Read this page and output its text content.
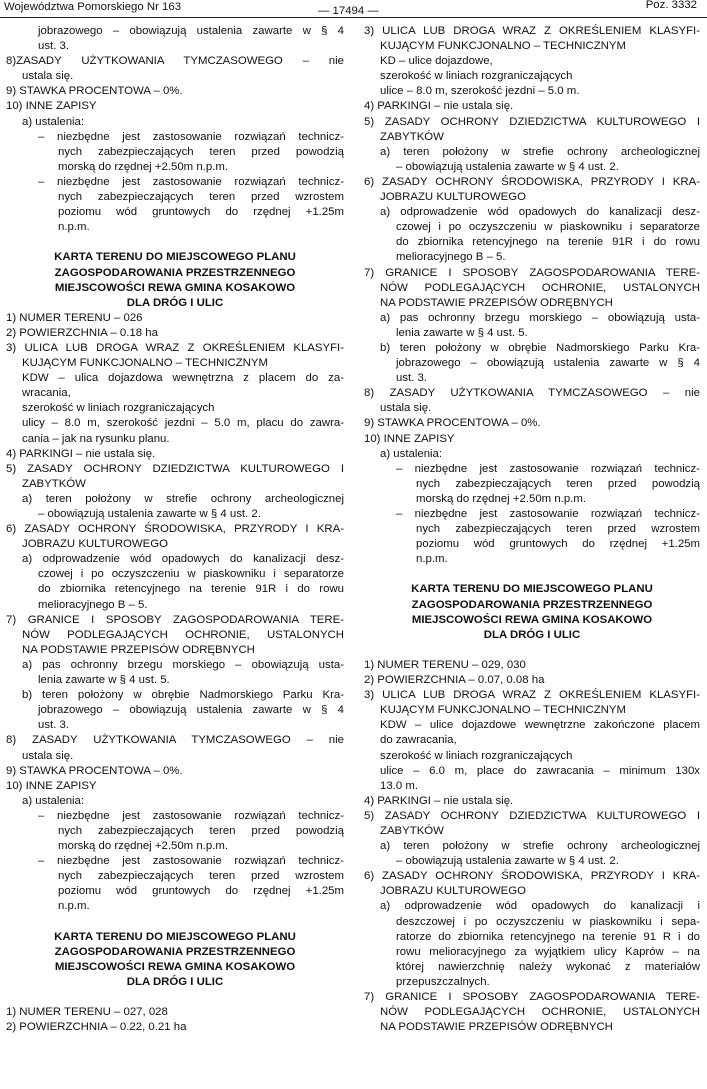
Województwa Pomorskiego Nr 163	— 17494 —	Poz. 3332
jobrazowego – obowiązują ustalenia zawarte w § 4
ust. 3.
8)ZASADY UŻYTKOWANIA TYMCZASOWEGO – nie
ustala się.
9) STAWKA PROCENTOWA – 0%.
10) INNE ZAPISY
a) ustalenia:
– niezbędne jest zastosowanie rozwiązań technicz-
nych zabezpieczających teren przed powodzią
morską do rzędnej +2.50m n.p.m.
– niezbędne jest zastosowanie rozwiązań technicz-
nych zabezpieczających teren przed wzrostem
poziomu wód gruntowych do rzędnej +1.25m
n.p.m.
KARTA TERENU DO MIEJSCOWEGO PLANU
ZAGOSPODAROWANIA PRZESTRZENNEGO
MIEJSCOWOŚCI REWA GMINA KOSAKOWO
DLA DRÓG I ULIC
1) NUMER TERENU – 026
2) POWIERZCHNIA – 0.18 ha
3) ULICA LUB DROGA WRAZ Z OKREŚLENIEM KLASYFI-
KUJĄCYM FUNKCJONALNO – TECHNICZNYM
KDW – ulica dojazdowa wewnętrzna z placem do za-
wracania,
szerokość w liniach rozgraniczających
ulicy – 8.0 m, szerokość jezdni – 5.0 m, placu do zawra-
cania – jak na rysunku planu.
4) PARKINGI – nie ustala się.
5) ZASADY OCHRONY DZIEDZICTWA KULTUROWEGO I
ZABYTKÓW
a) teren położony w strefie ochrony archeologicznej
– obowiązują ustalenia zawarte w § 4 ust. 2.
6) ZASADY OCHRONY ŚRODOWISKA, PRZYRODY I KRA-
JOBRAZU KULTUROWEGO
a) odprowadzenie wód opadowych do kanalizacji desz-
czowej i po oczyszczeniu w piaskowniku i separatorze
do zbiornika retencyjnego na terenie 91R i do rowu
melioracyjnego B – 5.
7) GRANICE I SPOSOBY ZAGOSPODAROWANIA TERE-
NÓW PODLEGAJĄCYCH OCHRONIE, USTALONYCH
NA PODSTAWIE PRZEPISÓW ODRĘBNYCH
a) pas ochronny brzegu morskiego – obowiązują usta-
lenia zawarte w § 4 ust. 5.
b) teren położony w obrębie Nadmorskiego Parku Kra-
jobrazowego – obowiązują ustalenia zawarte w § 4
ust. 3.
8) ZASADY UŻYTKOWANIA TYMCZASOWEGO – nie
ustala się.
9) STAWKA PROCENTOWA – 0%.
10) INNE ZAPISY
a) ustalenia:
– niezbędne jest zastosowanie rozwiązań technicz-
nych zabezpieczających teren przed powodzią
morską do rzędnej +2.50m n.p.m.
– niezbędne jest zastosowanie rozwiązań technicz-
nych zabezpieczających teren przed wzrostem
poziomu wód gruntowych do rzędnej +1.25m
n.p.m.
KARTA TERENU DO MIEJSCOWEGO PLANU
ZAGOSPODAROWANIA PRZESTRZENNEGO
MIEJSCOWOŚCI REWA GMINA KOSAKOWO
DLA DRÓG I ULIC
1) NUMER TERENU – 027, 028
2) POWIERZCHNIA – 0.22, 0.21 ha
3) ULICA LUB DROGA WRAZ Z OKREŚLENIEM KLASYFI-
KUJĄCYM FUNKCJONALNO – TECHNICZNYM
KD – ulice dojazdowe,
szerokość w liniach rozgraniczających
ulice – 8.0 m, szerokość jezdni – 5.0 m.
4) PARKINGI – nie ustala się.
5) ZASADY OCHRONY DZIEDZICTWA KULTUROWEGO I
ZABYTKÓW
a) teren położony w strefie ochrony archeologicznej
– obowiązują ustalenia zawarte w § 4 ust. 2.
6) ZASADY OCHRONY ŚRODOWISKA, PRZYRODY I KRA-
JOBRAZU KULTUROWEGO
a) odprowadzenie wód opadowych do kanalizacji desz-
czowej i po oczyszczeniu w piaskowniku i separatorze
do zbiornika retencyjnego na terenie 91R i do rowu
melioracyjnego B – 5.
7) GRANICE I SPOSOBY ZAGOSPODAROWANIA TERE-
NÓW PODLEGAJĄCYCH OCHRONIE, USTALONYCH
NA PODSTAWIE PRZEPISÓW ODRĘBNYCH
a) pas ochronny brzegu morskiego – obowiązują usta-
lenia zawarte w § 4 ust. 5.
b) teren położony w obrębie Nadmorskiego Parku Kra-
jobrazowego – obowiązują ustalenia zawarte w § 4
ust. 3.
8) ZASADY UŻYTKOWANIA TYMCZASOWEGO – nie
ustala się.
9) STAWKA PROCENTOWA – 0%.
10) INNE ZAPISY
a) ustalenia:
– niezbędne jest zastosowanie rozwiązań technicz-
nych zabezpieczających teren przed powodzią
morską do rzędnej +2.50m n.p.m.
– niezbędne jest zastosowanie rozwiązań technicz-
nych zabezpieczających teren przed wzrostem
poziomu wód gruntowych do rzędnej +1.25m
n.p.m.
KARTA TERENU DO MIEJSCOWEGO PLANU
ZAGOSPODAROWANIA PRZESTRZENNEGO
MIEJSCOWOŚCI REWA GMINA KOSAKOWO
DLA DRÓG I ULIC
1) NUMER TERENU – 029, 030
2) POWIERZCHNIA – 0.07, 0.08 ha
3) ULICA LUB DROGA WRAZ Z OKREŚLENIEM KLASYFI-
KUJĄCYM FUNKCJONALNO – TECHNICZNYM
KDW – ulice dojazdowe wewnętrzne zakończone placem
do zawracania,
szerokość w liniach rozgraniczających
ulice – 6.0 m, place do zawracania – minimum 130x
13.0 m.
4) PARKINGI – nie ustala się.
5) ZASADY OCHRONY DZIEDZICTWA KULTUROWEGO I
ZABYTKÓW
a) teren położony w strefie ochrony archeologicznej
– obowiązują ustalenia zawarte w § 4 ust. 2.
6) ZASADY OCHRONY ŚRODOWISKA, PRZYRODY I KRA-
JOBRAZU KULTUROWEGO
a) odprowadzenie wód opadowych do kanalizacji i
deszczowej i po oczyszczeniu w piaskowniku i sepa-
ratorze do zbiornika retencyjnego na terenie 91 R i do
rowu melioracyjnego za wyjątkiem ulicy Kaprów – na
której nawierzchnię należy wykonać z materiałów
przepuszczalnych.
7) GRANICE I SPOSOBY ZAGOSPODAROWANIA TERE-
NÓW PODLEGAJĄCYCH OCHRONIE, USTALONYCH
NA PODSTAWIE PRZEPISÓW ODRĘBNYCH
